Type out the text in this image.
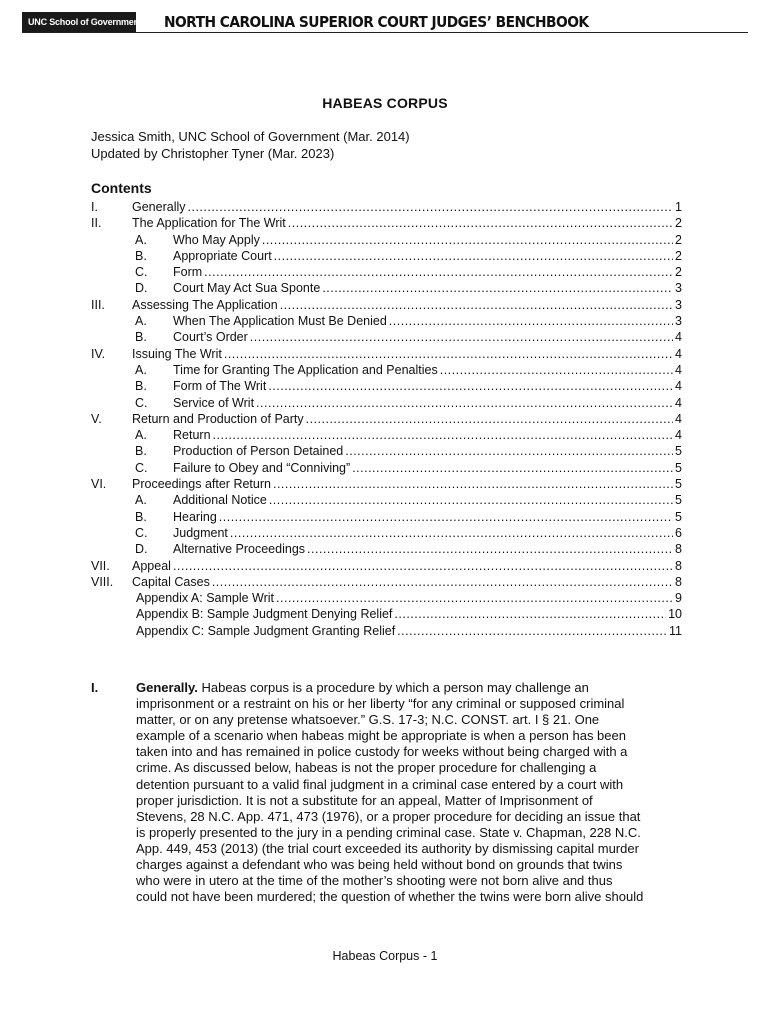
UNC School of Government NORTH CAROLINA SUPERIOR COURT JUDGES’ BENCHBOOK
HABEAS CORPUS
Jessica Smith, UNC School of Government (Mar. 2014)
Updated by Christopher Tyner (Mar. 2023)
Contents
I.	Generally .....	1
II.	The Application for The Writ .....	2
A.	Who May Apply .....	2
B.	Appropriate Court .....	2
C.	Form .....	2
D.	Court May Act Sua Sponte .....	3
III.	Assessing The Application .....	3
A.	When The Application Must Be Denied .....	3
B.	Court’s Order .....	4
IV.	Issuing The Writ .....	4
A.	Time for Granting The Application and Penalties .....	4
B.	Form of The Writ .....	4
C.	Service of Writ .....	4
V.	Return and Production of Party .....	4
A.	Return .....	4
B.	Production of Person Detained .....	5
C.	Failure to Obey and “Conniving” .....	5
VI.	Proceedings after Return .....	5
A.	Additional Notice .....	5
B.	Hearing .....	5
C.	Judgment .....	6
D.	Alternative Proceedings .....	8
VII.	Appeal .....	8
VIII.	Capital Cases .....	8
Appendix A: Sample Writ .....	9
Appendix B: Sample Judgment Denying Relief .....	10
Appendix C: Sample Judgment Granting Relief .....	11
I.	Generally. Habeas corpus is a procedure by which a person may challenge an
imprisonment or a restraint on his or her liberty “for any criminal or supposed criminal
matter, or on any pretense whatsoever.” G.S. 17-3; N.C. CONST. art. I § 21. One
example of a scenario when habeas might be appropriate is when a person has been
taken into and has remained in police custody for weeks without being charged with a
crime. As discussed below, habeas is not the proper procedure for challenging a
detention pursuant to a valid final judgment in a criminal case entered by a court with
proper jurisdiction. It is not a substitute for an appeal, Matter of Imprisonment of
Stevens, 28 N.C. App. 471, 473 (1976), or a proper procedure for deciding an issue that
is properly presented to the jury in a pending criminal case. State v. Chapman, 228 N.C.
App. 449, 453 (2013) (the trial court exceeded its authority by dismissing capital murder
charges against a defendant who was being held without bond on grounds that twins
who were in utero at the time of the mother’s shooting were not born alive and thus
could not have been murdered; the question of whether the twins were born alive should
Habeas Corpus - 1
